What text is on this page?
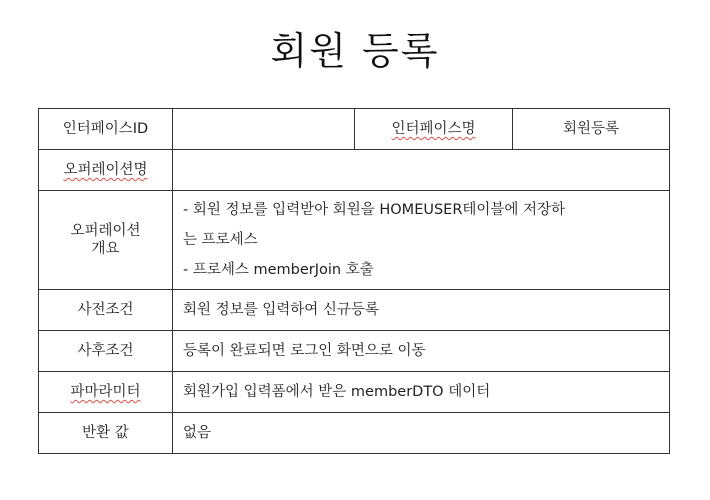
회원 등록
인터페이스ID		인터페이스명	회원등록
오퍼레이션명			

오퍼레이션
개요	- 회원 정보를 입력받아 회원을 HOMEUSER테이블에 저장하
는 프로세스
- 프로세스 memberJoin 호출		

사전조건	회원 정보를 입력하여 신규등록		
사후조건	등록이 완료되면 로그인 화면으로 이동		
파마라미터	회원가입 입력폼에서 받은 memberDTO 데이터		
반환 값	없음		
